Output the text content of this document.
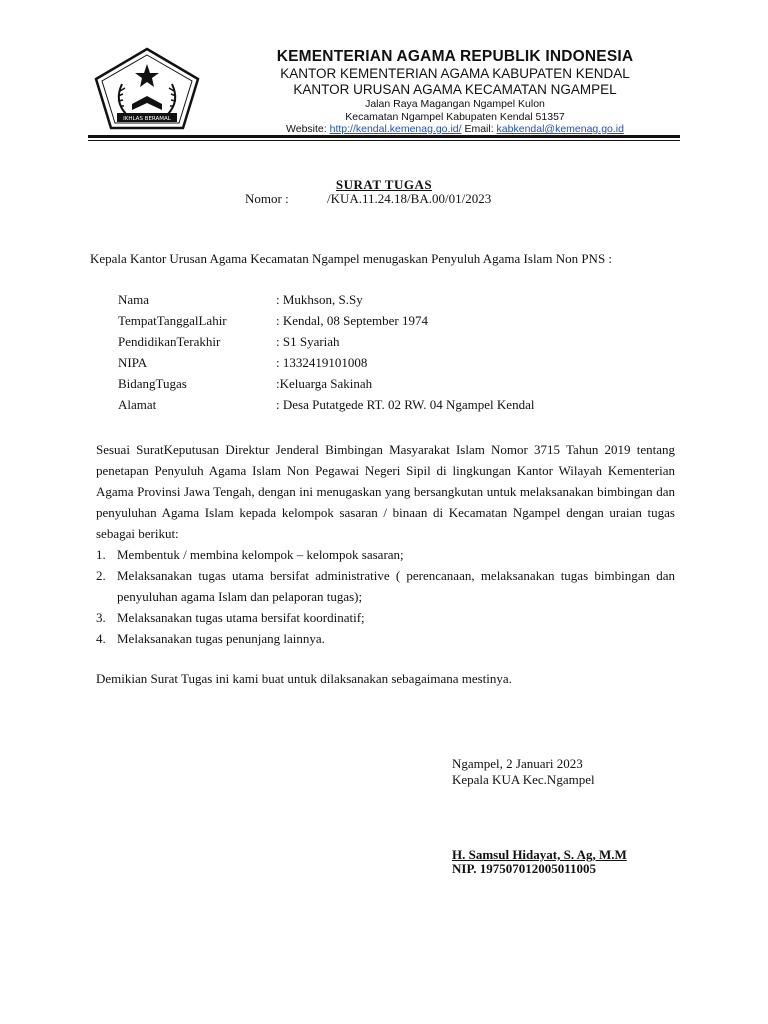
IKHLAS BERAMAL
KEMENTERIAN AGAMA REPUBLIK INDONESIA
KANTOR KEMENTERIAN AGAMA KABUPATEN KENDAL
KANTOR URUSAN AGAMA KECAMATAN NGAMPEL
Jalan Raya Magangan Ngampel Kulon
Kecamatan Ngampel Kabupaten Kendal 51357
Website: http://kendal.kemenag.go.id/ Email: kabkendal@kemenag.go.id
SURAT TUGAS
Nomor :	/KUA.11.24.18/BA.00/01/2023
Kepala Kantor Urusan Agama Kecamatan Ngampel menugaskan Penyuluh Agama Islam Non PNS :
Nama	: Mukhson, S.Sy
TempatTanggalLahir	: Kendal, 08 September 1974
PendidikanTerakhir	: S1 Syariah
NIPA	: 1332419101008
BidangTugas	:Keluarga Sakinah
Alamat	: Desa Putatgede RT. 02 RW. 04 Ngampel Kendal
Sesuai SuratKeputusan Direktur Jenderal Bimbingan Masyarakat Islam Nomor 3715 Tahun 2019 tentang penetapan Penyuluh Agama Islam Non Pegawai Negeri Sipil di lingkungan Kantor Wilayah Kementerian Agama Provinsi Jawa Tengah, dengan ini menugaskan yang bersangkutan untuk melaksanakan bimbingan dan penyuluhan Agama Islam kepada kelompok sasaran / binaan di Kecamatan Ngampel dengan uraian tugas sebagai berikut:
1. Membentuk / membina kelompok – kelompok sasaran;
2. Melaksanakan tugas utama bersifat administrative ( perencanaan, melaksanakan tugas bimbingan dan penyuluhan agama Islam dan pelaporan tugas);
3. Melaksanakan tugas utama bersifat koordinatif;
4. Melaksanakan tugas penunjang lainnya.
Demikian Surat Tugas ini kami buat untuk dilaksanakan sebagaimana mestinya.
Ngampel, 2 Januari 2023
Kepala KUA Kec.Ngampel
H. Samsul Hidayat, S. Ag, M.M
NIP. 197507012005011005
